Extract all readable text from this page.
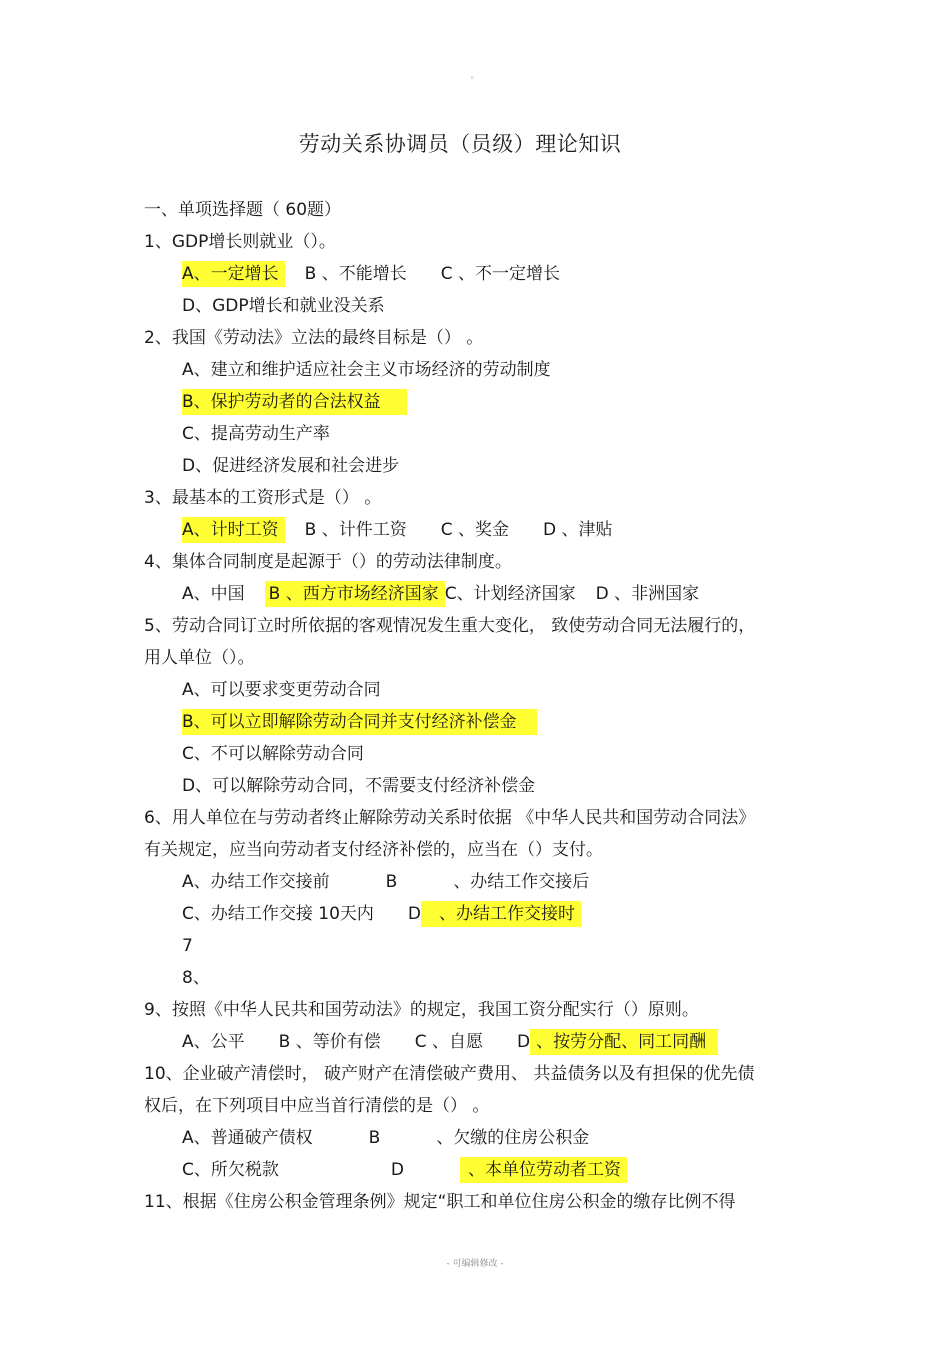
。
劳动关系协调员（员级）理论知识
一、单项选择题（ 60题）
1、GDP增长则就业（）。
A、一定增长 B 、不能增长 C 、不一定增长
D、GDP增长和就业没关系
2、我国《劳动法》立法的最终目标是（） 。
A、建立和维护适应社会主义市场经济的劳动制度
B、保护劳动者的合法权益
C、提高劳动生产率
D、促进经济发展和社会进步
3、最基本的工资形式是（） 。
A、计时工资 B 、计件工资 C 、奖金 D 、津贴
4、集体合同制度是起源于（）的劳动法律制度。
A、中国 B 、西方市场经济国家 C、计划经济国家 D 、非洲国家
5、劳动合同订立时所依据的客观情况发生重大变化， 致使劳动合同无法履行的，
用人单位（）。
A、可以要求变更劳动合同
B、可以立即解除劳动合同并支付经济补偿金
C、不可以解除劳动合同
D、可以解除劳动合同，不需要支付经济补偿金
6、用人单位在与劳动者终止解除劳动关系时依据 《中华人民共和国劳动合同法》
有关规定，应当向劳动者支付经济补偿的，应当在（）支付。
A、办结工作交接前	B	、办结工作交接后
C、办结工作交接 10天内 D 、办结工作交接时
7
8、
9、按照《中华人民共和国劳动法》的规定，我国工资分配实行（）原则。
A、公平 B 、等价有偿 C 、自愿 D 、按劳分配、同工同酬
10、企业破产清偿时， 破产财产在清偿破产费用、 共益债务以及有担保的优先债
权后，在下列项目中应当首行清偿的是（） 。
A、普通破产债权	B	、欠缴的住房公积金
C、所欠税款	D	、本单位劳动者工资
11、根据《住房公积金管理条例》规定“职工和单位住房公积金的缴存比例不得
- 可编辑修改 -
